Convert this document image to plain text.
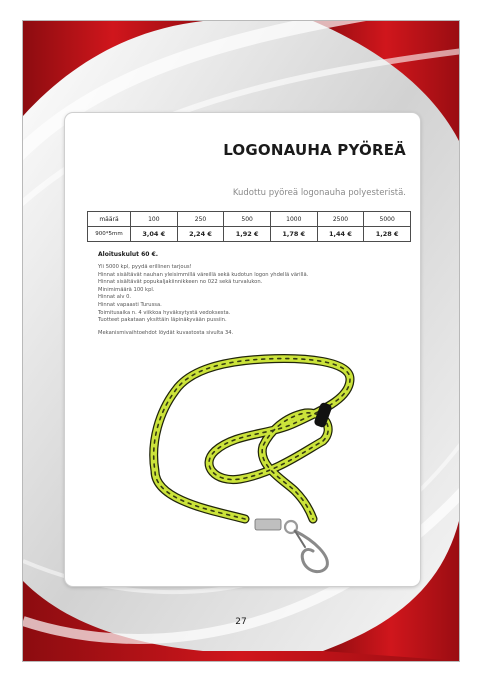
LOGONAUHA PYÖREÄ
Kudottu pyöreä logonauha polyesteristä.
määrä	100	250	500	1000	2500	5000
900*5mm	3,04 €	2,24 €	1,92 €	1,78 €	1,44 €	1,28 €
Aloituskulut 60 €.
Yli 5000 kpl, pyydä erillinen tarjous!
Hinnat sisältävät nauhan yleisimmillä väreillä sekä kudotun logon yhdellä värillä.
Hinnat sisältävät popukaljakiinnikkeen no 022 sekä turvalukon.
Minimimäärä 100 kpl.
Hinnat alv 0.
Hinnat vapaasti Turussa.
Toimitusaika n. 4 viikkoa hyväksytystä vedoksesta.
Tuotteet pakataan yksittäin läpinäkyvään pussiin.
Mekanismivaihtoehdot löydät kuvastosta sivulta 34.
27
